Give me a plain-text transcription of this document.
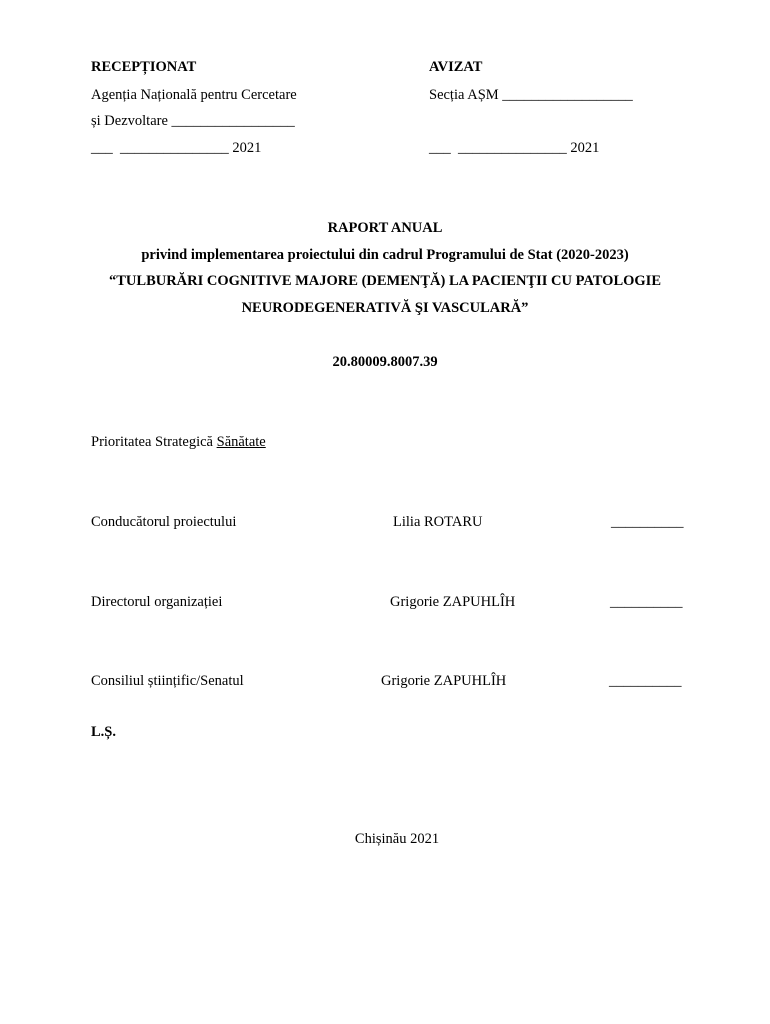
RECEPȚIONAT
Agenția Națională pentru Cercetare
și Dezvoltare _________________
___  _______________ 2021
AVIZAT
Secția AȘM __________________
___  _______________ 2021
RAPORT ANUAL
privind implementarea proiectului din cadrul Programului de Stat (2020-2023)
“TULBURĂRI COGNITIVE MAJORE (DEMENŢĂ) LA PACIENŢII CU PATOLOGIE
NEURODEGENERATIVĂ ŞI VASCULARĂ”
20.80009.8007.39
Prioritatea Strategică Sănătate
Conducătorul proiectului	Lilia ROTARU	__________
Directorul organizației	Grigorie ZAPUHLÎH	__________
Consiliul științific/Senatul	Grigorie ZAPUHLÎH	__________
L.Ș.
Chișinău 2021
